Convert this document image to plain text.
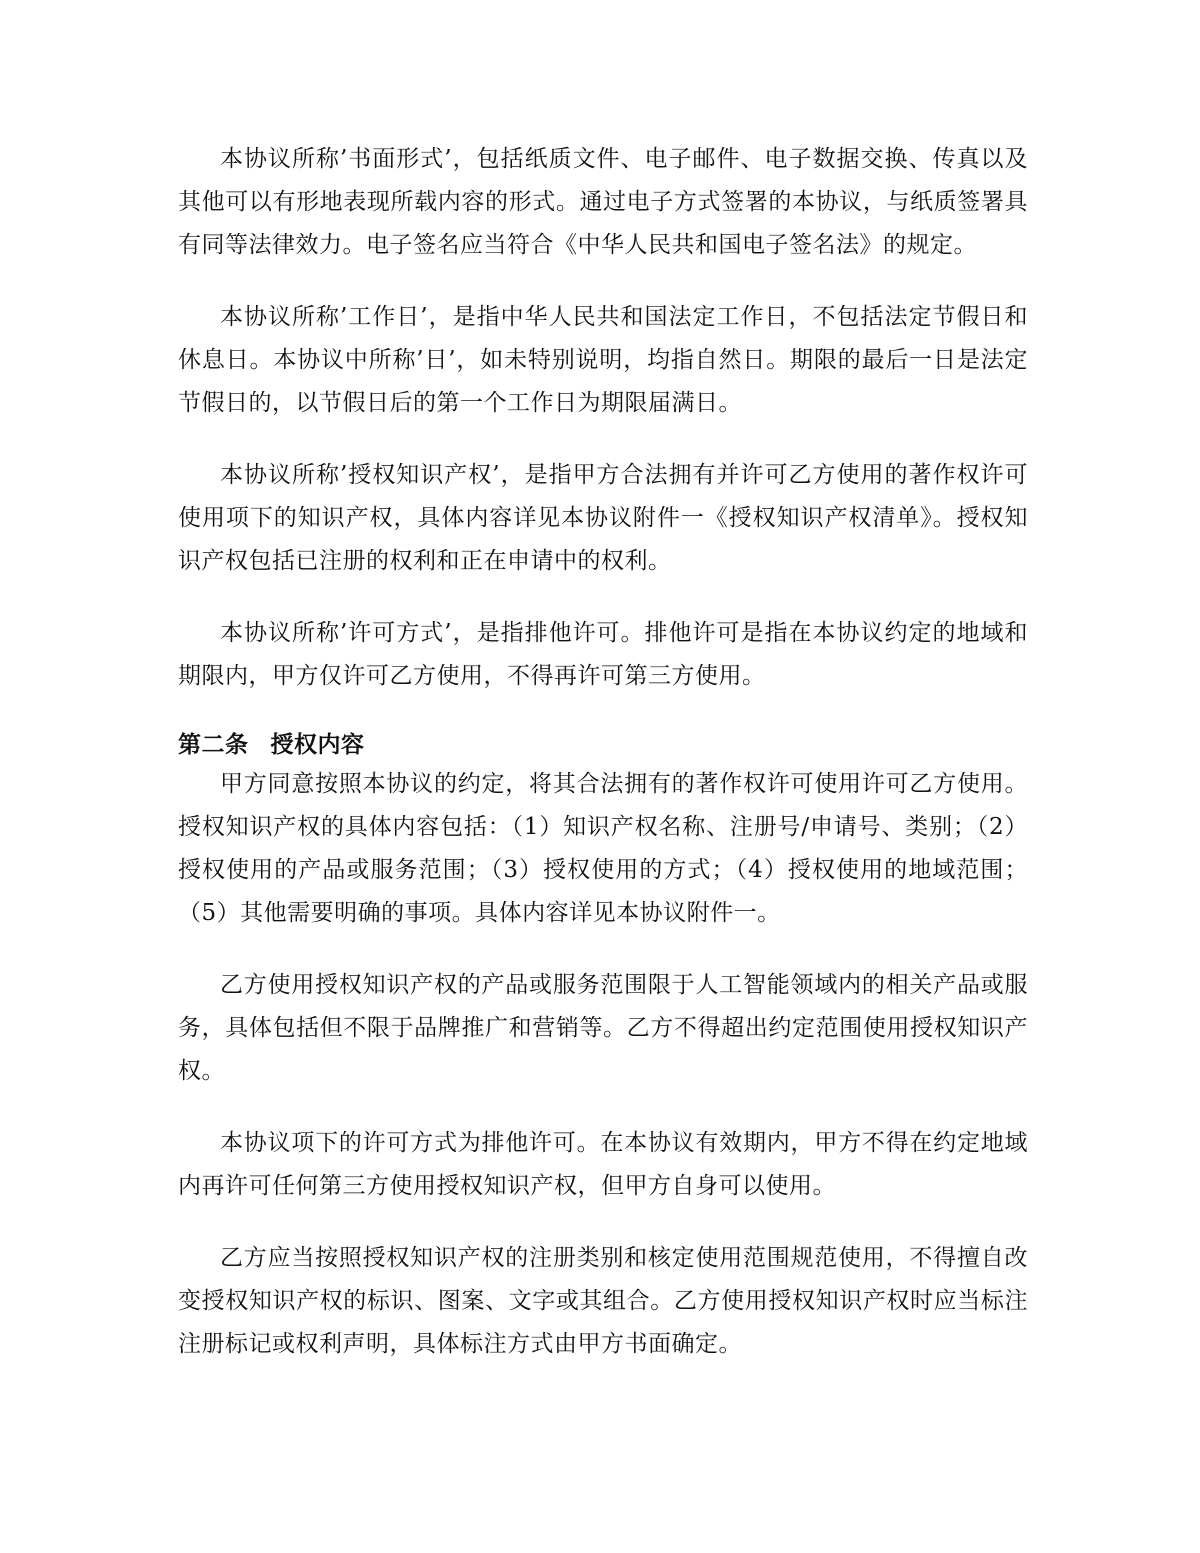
本协议所称’书面形式’，包括纸质文件、电子邮件、电子数据交换、传真以及其他可以有形地表现所载内容的形式。通过电子方式签署的本协议，与纸质签署具有同等法律效力。电子签名应当符合《中华人民共和国电子签名法》的规定。

本协议所称’工作日’，是指中华人民共和国法定工作日，不包括法定节假日和休息日。本协议中所称’日’，如未特别说明，均指自然日。期限的最后一日是法定节假日的，以节假日后的第一个工作日为期限届满日。

本协议所称’授权知识产权’，是指甲方合法拥有并许可乙方使用的著作权许可使用项下的知识产权，具体内容详见本协议附件一《授权知识产权清单》。授权知识产权包括已注册的权利和正在申请中的权利。

本协议所称’许可方式’，是指排他许可。排他许可是指在本协议约定的地域和期限内，甲方仅许可乙方使用，不得再许可第三方使用。

第二条 授权内容

甲方同意按照本协议的约定，将其合法拥有的著作权许可使用许可乙方使用。授权知识产权的具体内容包括：（1）知识产权名称、注册号/申请号、类别；（2）授权使用的产品或服务范围；（3）授权使用的方式；（4）授权使用的地域范围；（5）其他需要明确的事项。具体内容详见本协议附件一。

乙方使用授权知识产权的产品或服务范围限于人工智能领域内的相关产品或服务，具体包括但不限于品牌推广和营销等。乙方不得超出约定范围使用授权知识产权。

本协议项下的许可方式为排他许可。在本协议有效期内，甲方不得在约定地域内再许可任何第三方使用授权知识产权，但甲方自身可以使用。

乙方应当按照授权知识产权的注册类别和核定使用范围规范使用，不得擅自改变授权知识产权的标识、图案、文字或其组合。乙方使用授权知识产权时应当标注注册标记或权利声明，具体标注方式由甲方书面确定。
